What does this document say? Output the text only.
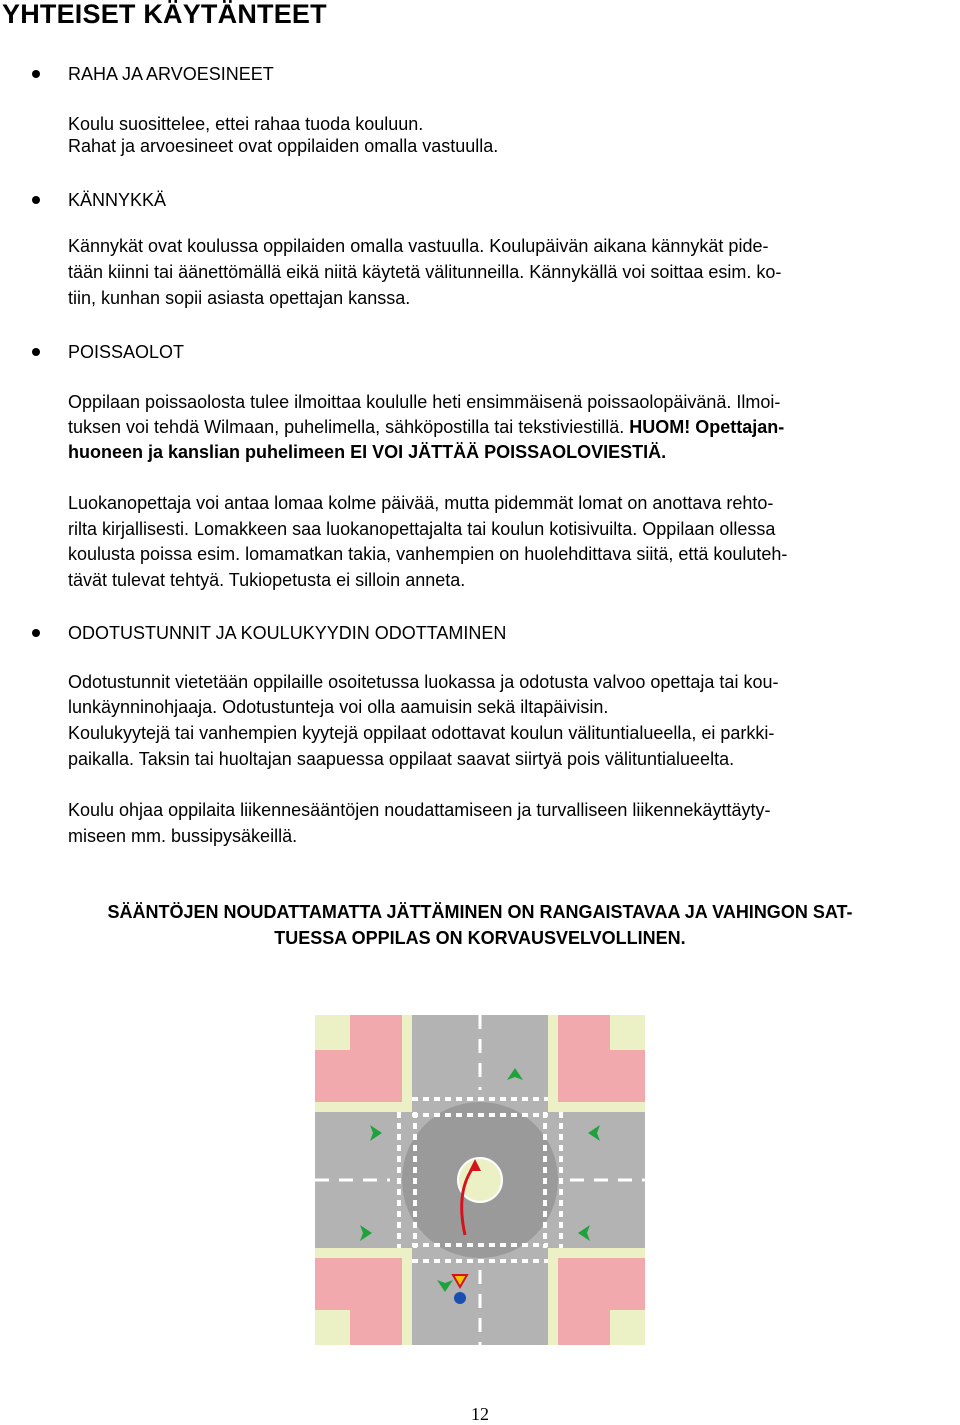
YHTEISET KÄYTÄNTEET
RAHA JA ARVOESINEET
Koulu suosittelee, ettei rahaa tuoda kouluun.
Rahat ja arvoesineet ovat oppilaiden omalla vastuulla.
KÄNNYKKÄ
Kännykät ovat koulussa oppilaiden omalla vastuulla. Koulupäivän aikana kännykät pide-
tään kiinni tai äänettömällä eikä niitä käytetä välitunneilla. Kännykällä voi soittaa esim. ko-
tiin, kunhan sopii asiasta opettajan kanssa.
POISSAOLOT
Oppilaan poissaolosta tulee ilmoittaa koululle heti ensimmäisenä poissaolopäivänä. Ilmoi-
tuksen voi tehdä Wilmaan, puhelimella, sähköpostilla tai tekstiviestillä. HUOM! Opettajan-
huoneen ja kanslian puhelimeen EI VOI JÄTTÄÄ POISSAOLOVIESTIÄ.
Luokanopettaja voi antaa lomaa kolme päivää, mutta pidemmät lomat on anottava rehto-
rilta kirjallisesti. Lomakkeen saa luokanopettajalta tai koulun kotisivuilta. Oppilaan ollessa
koulusta poissa esim. lomamatkan takia, vanhempien on huolehdittava siitä, että kouluteh-
tävät tulevat tehtyä. Tukiopetusta ei silloin anneta.
ODOTUSTUNNIT JA KOULUKYYDIN ODOTTAMINEN
Odotustunnit vietetään oppilaille osoitetussa luokassa ja odotusta valvoo opettaja tai kou-
lunkäynninohjaaja. Odotustunteja voi olla aamuisin sekä iltapäivisin.
Koulukyytejä tai vanhempien kyytejä oppilaat odottavat koulun välituntialueella, ei parkki-
paikalla. Taksin tai huoltajan saapuessa oppilaat saavat siirtyä pois välituntialueelta.
Koulu ohjaa oppilaita liikennesääntöjen noudattamiseen ja turvalliseen liikennekäyttäyty-
miseen mm. bussipysäkeillä.
SÄÄNTÖJEN NOUDATTAMATTA JÄTTÄMINEN ON RANGAISTAVAA JA VAHINGON SAT-
TUESSA OPPILAS ON KORVAUSVELVOLLINEN.
12
